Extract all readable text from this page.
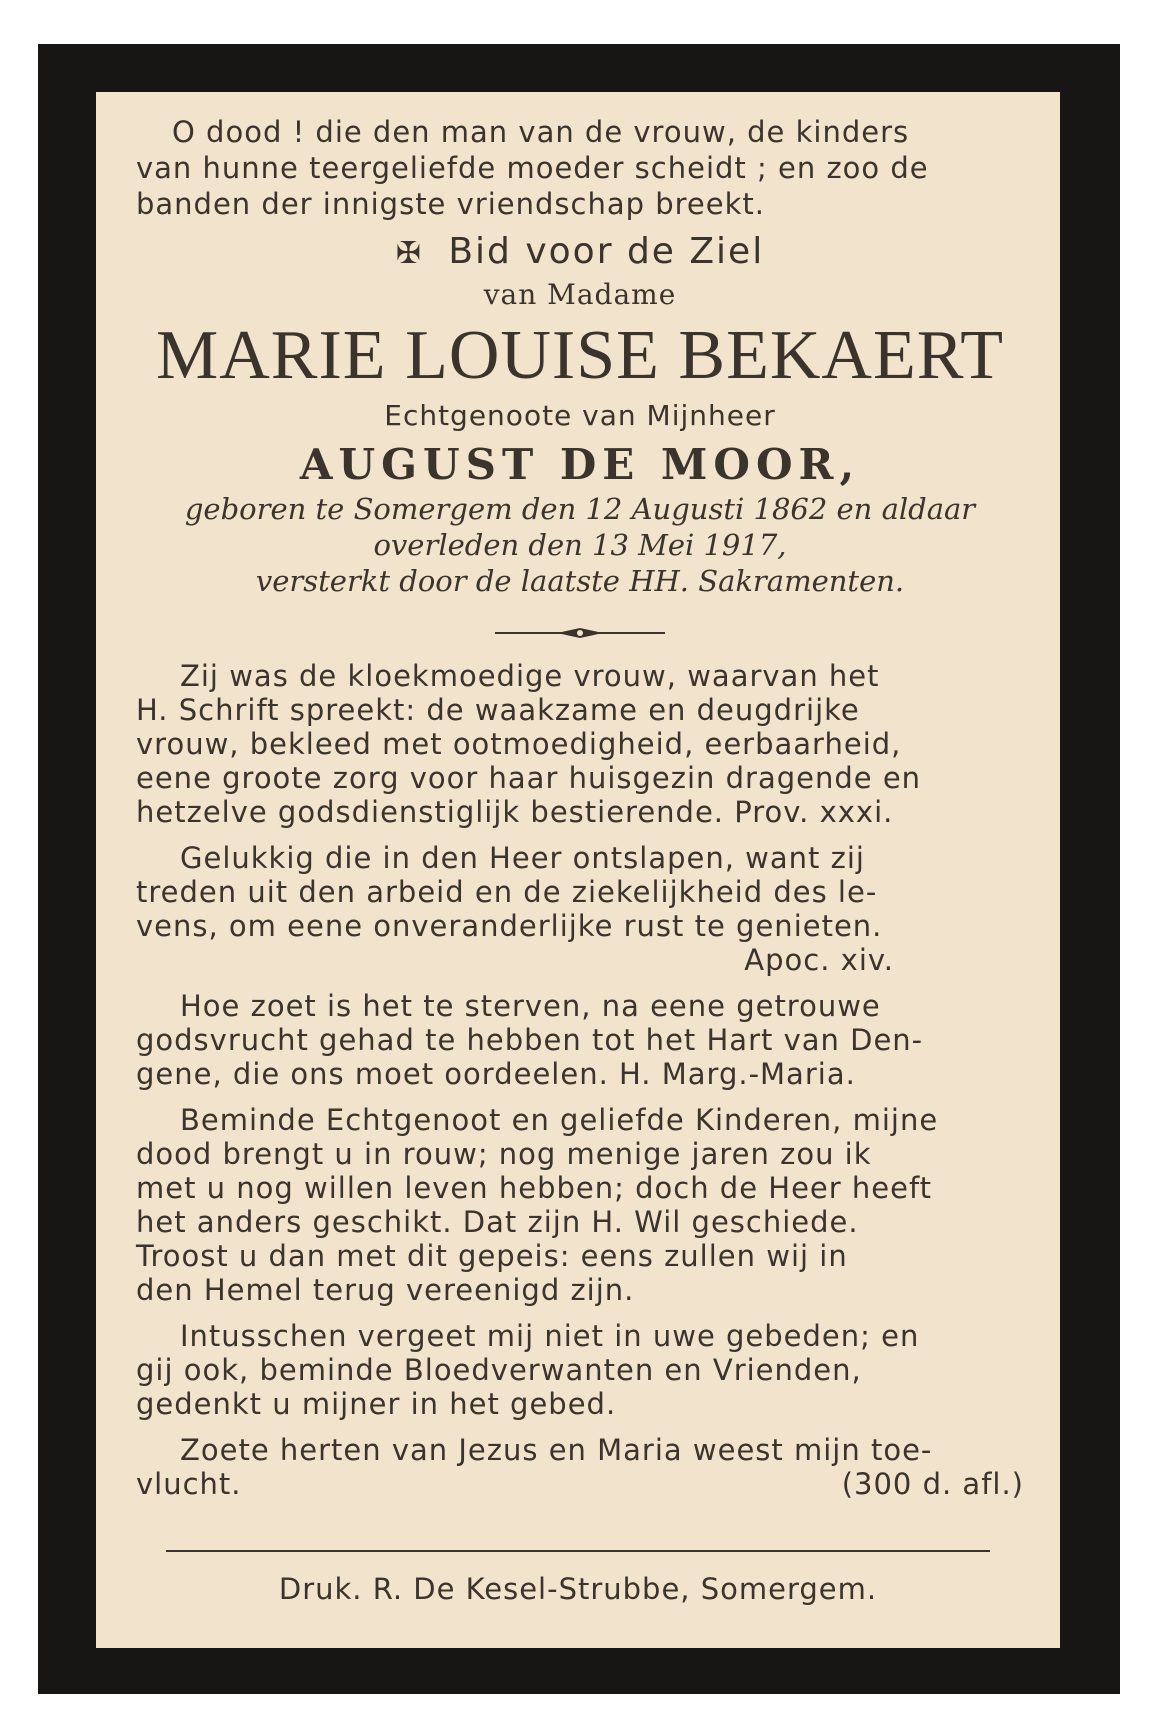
O dood ! die den man van de vrouw, de kinders
van hunne teergeliefde moeder scheidt ; en zoo de
banden der innigste vriendschap breekt.

✠ Bid voor de Ziel
van Madame
MARIE LOUISE BEKAERT
Echtgenoote van Mijnheer
AUGUST DE MOOR,
geboren te Somergem den 12 Augusti 1862 en aldaar
overleden den 13 Mei 1917,
versterkt door de laatste HH. Sakramenten.

Zij was de kloekmoedige vrouw, waarvan het
H. Schrift spreekt: de waakzame en deugdrijke
vrouw, bekleed met ootmoedigheid, eerbaarheid,
eene groote zorg voor haar huisgezin dragende en
hetzelve godsdienstiglijk bestierende. Prov. xxxi.

Gelukkig die in den Heer ontslapen, want zij
treden uit den arbeid en de ziekelijkheid des le-
vens, om eene onveranderlijke rust te genieten.
Apoc. xiv.

Hoe zoet is het te sterven, na eene getrouwe
godsvrucht gehad te hebben tot het Hart van Den-
gene, die ons moet oordeelen. H. Marg.-Maria.

Beminde Echtgenoot en geliefde Kinderen, mijne
dood brengt u in rouw; nog menige jaren zou ik
met u nog willen leven hebben; doch de Heer heeft
het anders geschikt. Dat zijn H. Wil geschiede.
Troost u dan met dit gepeis: eens zullen wij in
den Hemel terug vereenigd zijn.

Intusschen vergeet mij niet in uwe gebeden; en
gij ook, beminde Bloedverwanten en Vrienden,
gedenkt u mijner in het gebed.

Zoete herten van Jezus en Maria weest mijn toe-
vlucht.	(300 d. afl.)

Druk. R. De Kesel-Strubbe, Somergem.
